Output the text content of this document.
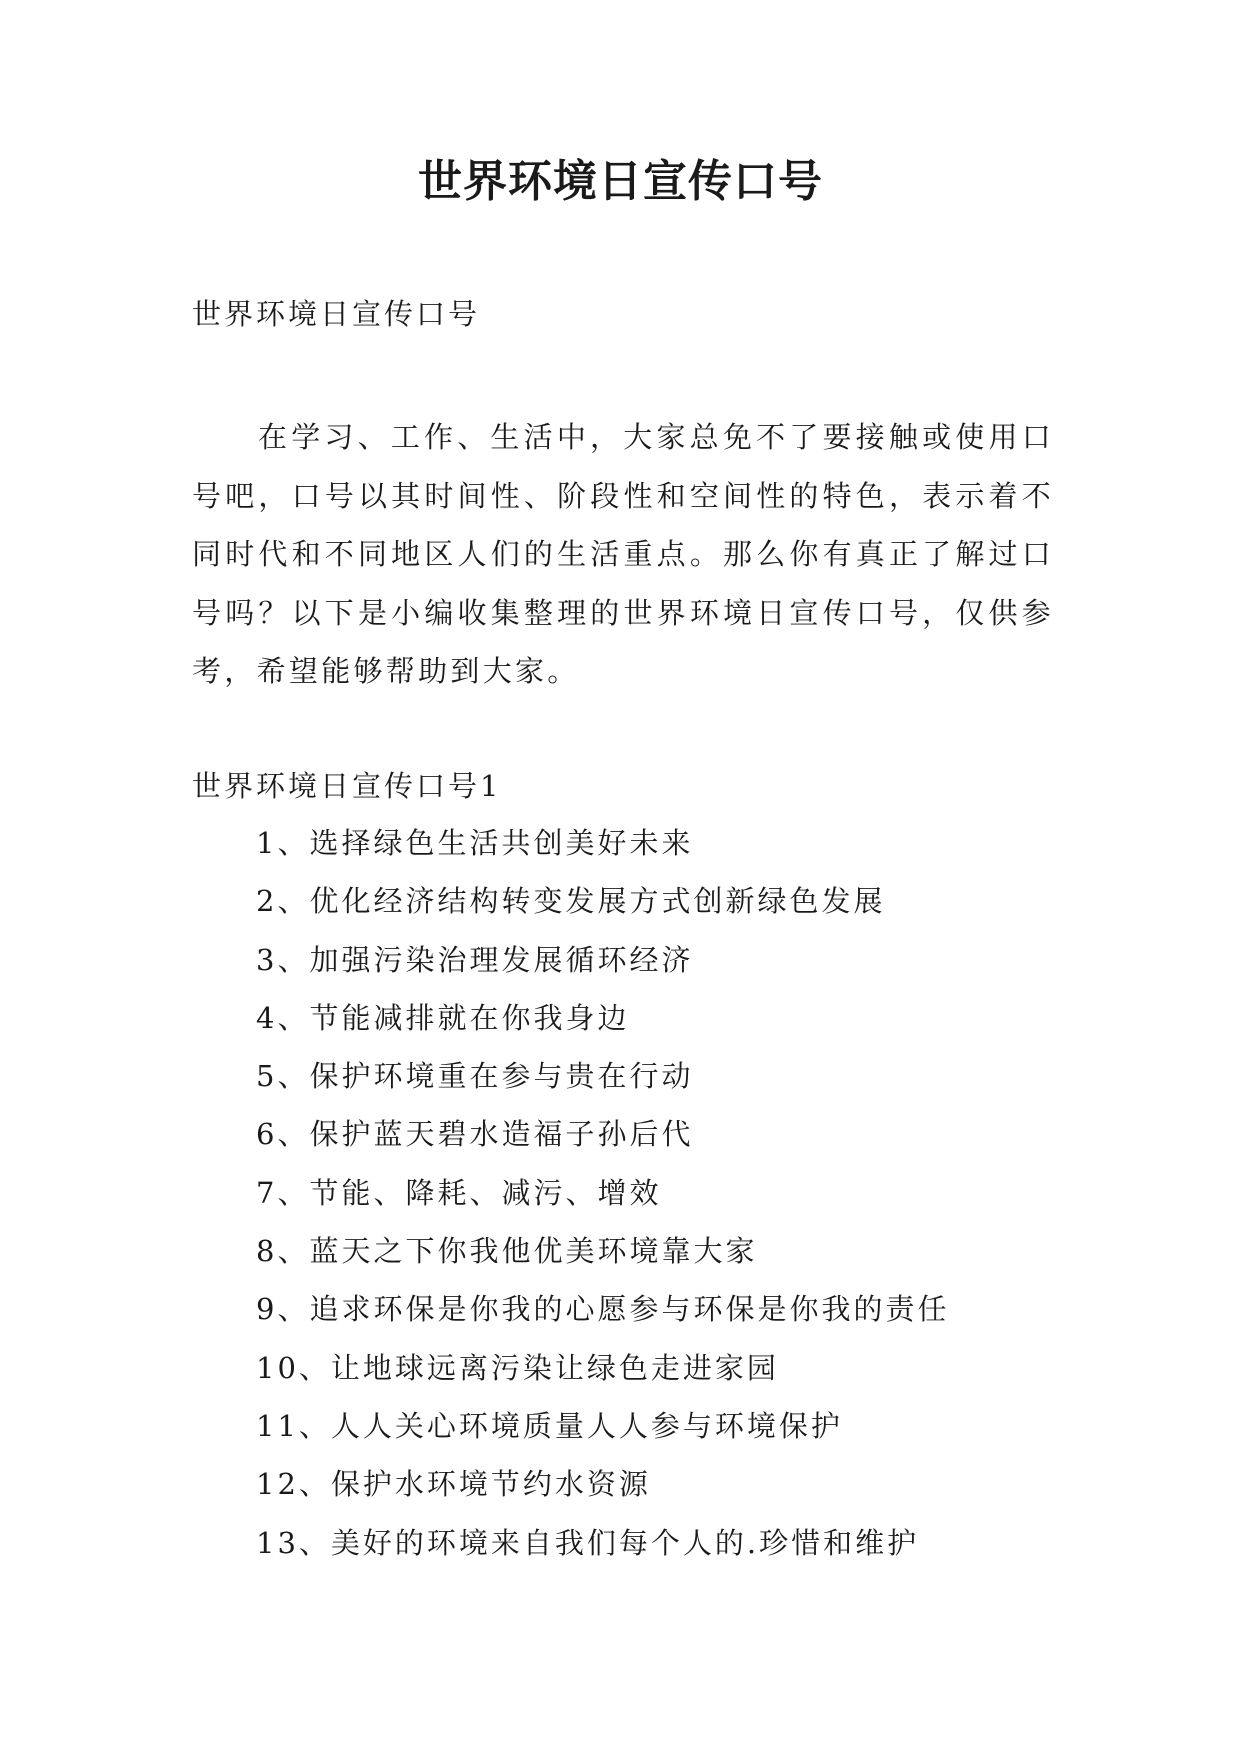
世界环境日宣传口号

世界环境日宣传口号

在学习、工作、生活中，大家总免不了要接触或使用口号吧，口号以其时间性、阶段性和空间性的特色，表示着不同时代和不同地区人们的生活重点。那么你有真正了解过口号吗？以下是小编收集整理的世界环境日宣传口号，仅供参考，希望能够帮助到大家。

世界环境日宣传口号1

1、选择绿色生活共创美好未来
2、优化经济结构转变发展方式创新绿色发展
3、加强污染治理发展循环经济
4、节能减排就在你我身边
5、保护环境重在参与贵在行动
6、保护蓝天碧水造福子孙后代
7、节能、降耗、减污、增效
8、蓝天之下你我他优美环境靠大家
9、追求环保是你我的心愿参与环保是你我的责任
10、让地球远离污染让绿色走进家园
11、人人关心环境质量人人参与环境保护
12、保护水环境节约水资源
13、美好的环境来自我们每个人的.珍惜和维护
